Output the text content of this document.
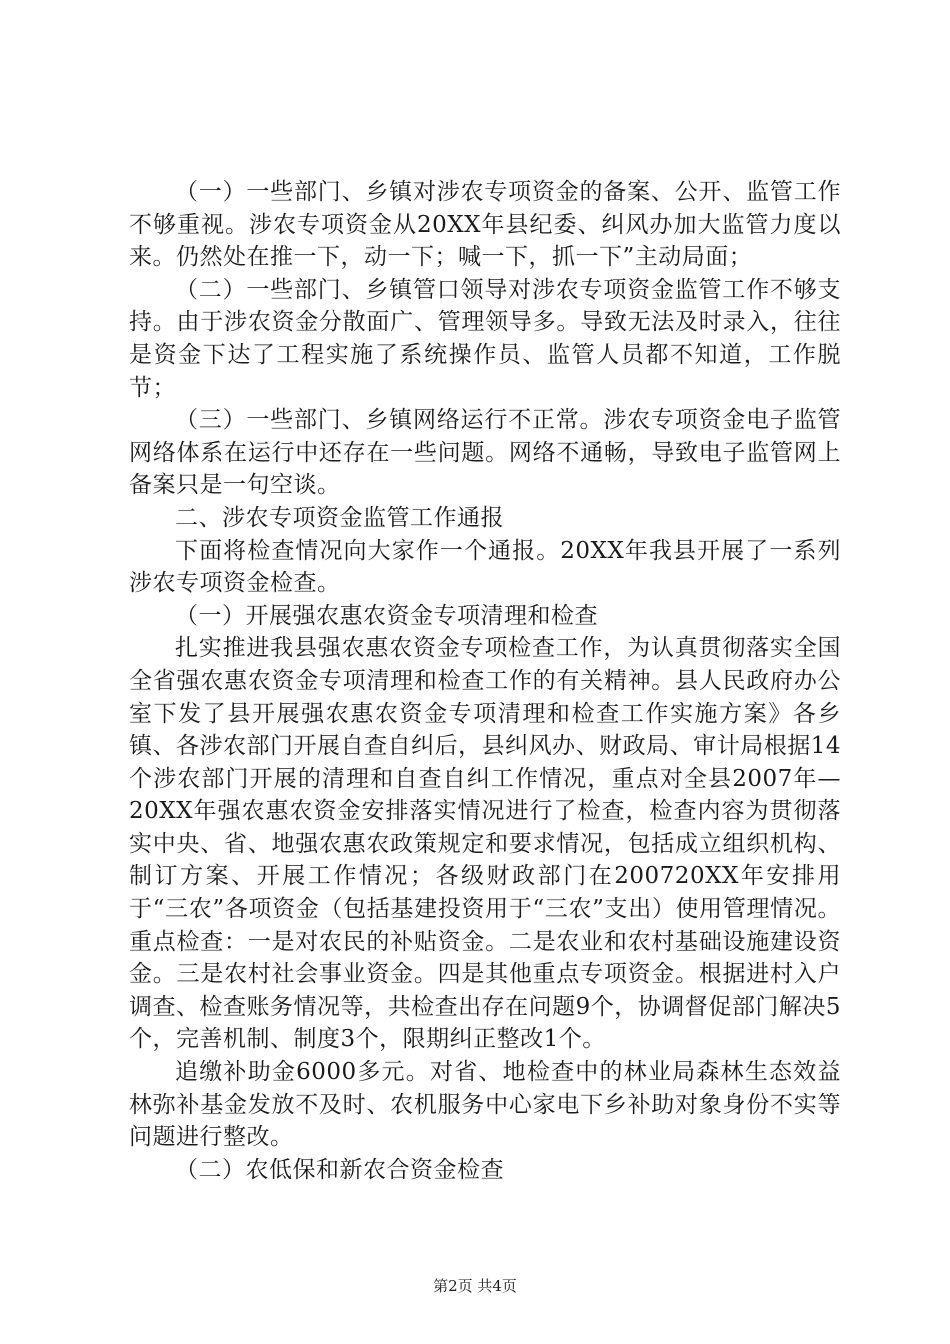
（一）一些部门、乡镇对涉农专项资金的备案、公开、监管工作不够重视。涉农专项资金从20XX年县纪委、纠风办加大监管力度以来。仍然处在推一下，动一下；喊一下，抓一下”主动局面；

（二）一些部门、乡镇管口领导对涉农专项资金监管工作不够支持。由于涉农资金分散面广、管理领导多。导致无法及时录入，往往是资金下达了工程实施了系统操作员、监管人员都不知道，工作脱节；

（三）一些部门、乡镇网络运行不正常。涉农专项资金电子监管网络体系在运行中还存在一些问题。网络不通畅，导致电子监管网上备案只是一句空谈。

二、涉农专项资金监管工作通报

下面将检查情况向大家作一个通报。20XX年我县开展了一系列涉农专项资金检查。

（一）开展强农惠农资金专项清理和检查

扎实推进我县强农惠农资金专项检查工作，为认真贯彻落实全国全省强农惠农资金专项清理和检查工作的有关精神。县人民政府办公室下发了县开展强农惠农资金专项清理和检查工作实施方案》各乡镇、各涉农部门开展自查自纠后，县纠风办、财政局、审计局根据14个涉农部门开展的清理和自查自纠工作情况，重点对全县2007年—20XX年强农惠农资金安排落实情况进行了检查，检查内容为贯彻落实中央、省、地强农惠农政策规定和要求情况，包括成立组织机构、制订方案、开展工作情况；各级财政部门在200720XX年安排用于“三农”各项资金（包括基建投资用于“三农”支出）使用管理情况。重点检查：一是对农民的补贴资金。二是农业和农村基础设施建设资金。三是农村社会事业资金。四是其他重点专项资金。根据进村入户调查、检查账务情况等，共检查出存在问题9个，协调督促部门解决5个，完善机制、制度3个，限期纠正整改1个。

追缴补助金6000多元。对省、地检查中的林业局森林生态效益林弥补基金发放不及时、农机服务中心家电下乡补助对象身份不实等问题进行整改。

（二）农低保和新农合资金检查

第2页 共4页
